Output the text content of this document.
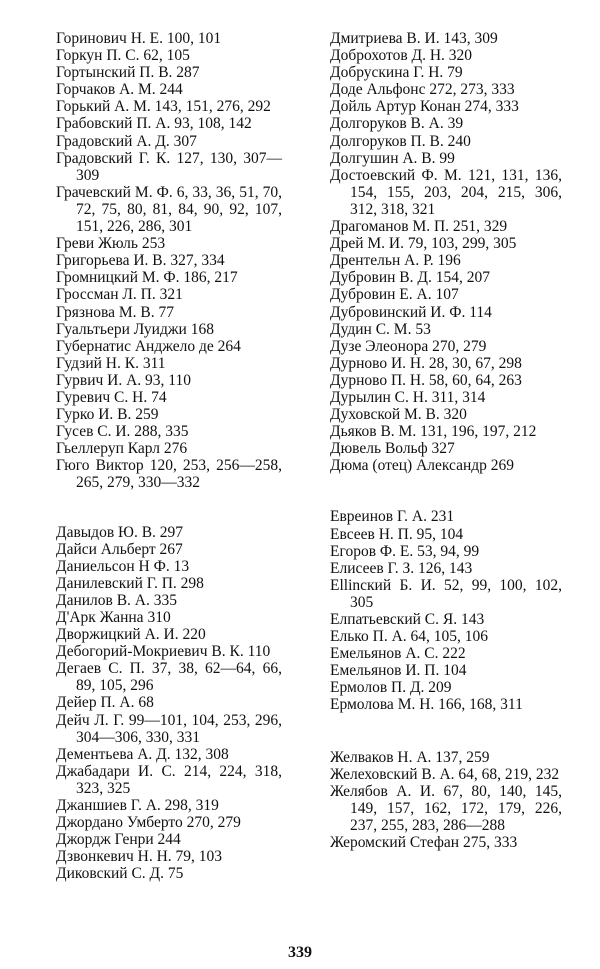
Горинович Н. Е. 100, 101

Горкун П. С. 62, 105

Гортынский П. В. 287

Горчаков А. М. 244

Горький А. М. 143, 151, 276, 292

Грабовский П. А. 93, 108, 142

Градовский А. Д. 307

Градовский Г. К. 127, 130, 307—309

Грачевский М. Ф. 6, 33, 36, 51, 70, 72, 75, 80, 81, 84, 90, 92, 107, 151, 226, 286, 301

Греви Жюль 253

Григорьева И. В. 327, 334

Громницкий М. Ф. 186, 217

Гроссман Л. П. 321

Грязнова М. В. 77

Гуальтьери Луиджи 168

Губернатис Анджело де 264

Гудзий Н. К. 311

Гурвич И. А. 93, 110

Гуревич С. Н. 74

Гурко И. В. 259

Гусев С. И. 288, 335

Гьеллеруп Карл 276

Гюго Виктор 120, 253, 256—258, 265, 279, 330—332

Давыдов Ю. В. 297

Дайси Альберт 267

Даниельсон Н Ф. 13

Данилевский Г. П. 298

Данилов В. А. 335

Д'Арк Жанна 310

Дворжицкий А. И. 220

Дебогорий-Мокриевич В. К. 110

Дегаев С. П. 37, 38, 62—64, 66, 89, 105, 296

Дейер П. А. 68

Дейч Л. Г. 99—101, 104, 253, 296, 304—306, 330, 331

Дементьева А. Д. 132, 308

Джабадари И. С. 214, 224, 318, 323, 325

Джаншиев Г. А. 298, 319

Джордано Умберто 270, 279

Джордж Генри 244

Дзвонкевич Н. Н. 79, 103

Диковский С. Д. 75

Дмитриева В. И. 143, 309

Доброхотов Д. Н. 320

Добрускина Г. Н. 79

Доде Альфонс 272, 273, 333

Дойль Артур Конан 274, 333

Долгоруков В. А. 39

Долгоруков П. В. 240

Долгушин А. В. 99

Достоевский Ф. М. 121, 131, 136, 154, 155, 203, 204, 215, 306, 312, 318, 321

Драгоманов М. П. 251, 329

Дрей М. И. 79, 103, 299, 305

Дрентельн А. Р. 196

Дубровин В. Д. 154, 207

Дубровин Е. А. 107

Дубровинский И. Ф. 114

Дудин С. М. 53

Дузе Элеонора 270, 279

Дурново И. Н. 28, 30, 67, 298

Дурново П. Н. 58, 60, 64, 263

Дурылин С. Н. 311, 314

Духовской М. В. 320

Дьяков В. М. 131, 196, 197, 212

Дювель Вольф 327

Дюма (отец) Александр 269

Евреинов Г. А. 231

Евсеев Н. П. 95, 104

Егоров Ф. Е. 53, 94, 99

Елисеев Г. З. 126, 143

Ellinский Б. И. 52, 99, 100, 102, 305

Елпатьевский С. Я. 143

Елько П. А. 64, 105, 106

Емельянов А. С. 222

Емельянов И. П. 104

Ермолов П. Д. 209

Ермолова М. Н. 166, 168, 311

Желваков Н. А. 137, 259

Желеховский В. А. 64, 68, 219, 232

Желябов А. И. 67, 80, 140, 145, 149, 157, 162, 172, 179, 226, 237, 255, 283, 286—288

Жеромский Стефан 275, 333

339
